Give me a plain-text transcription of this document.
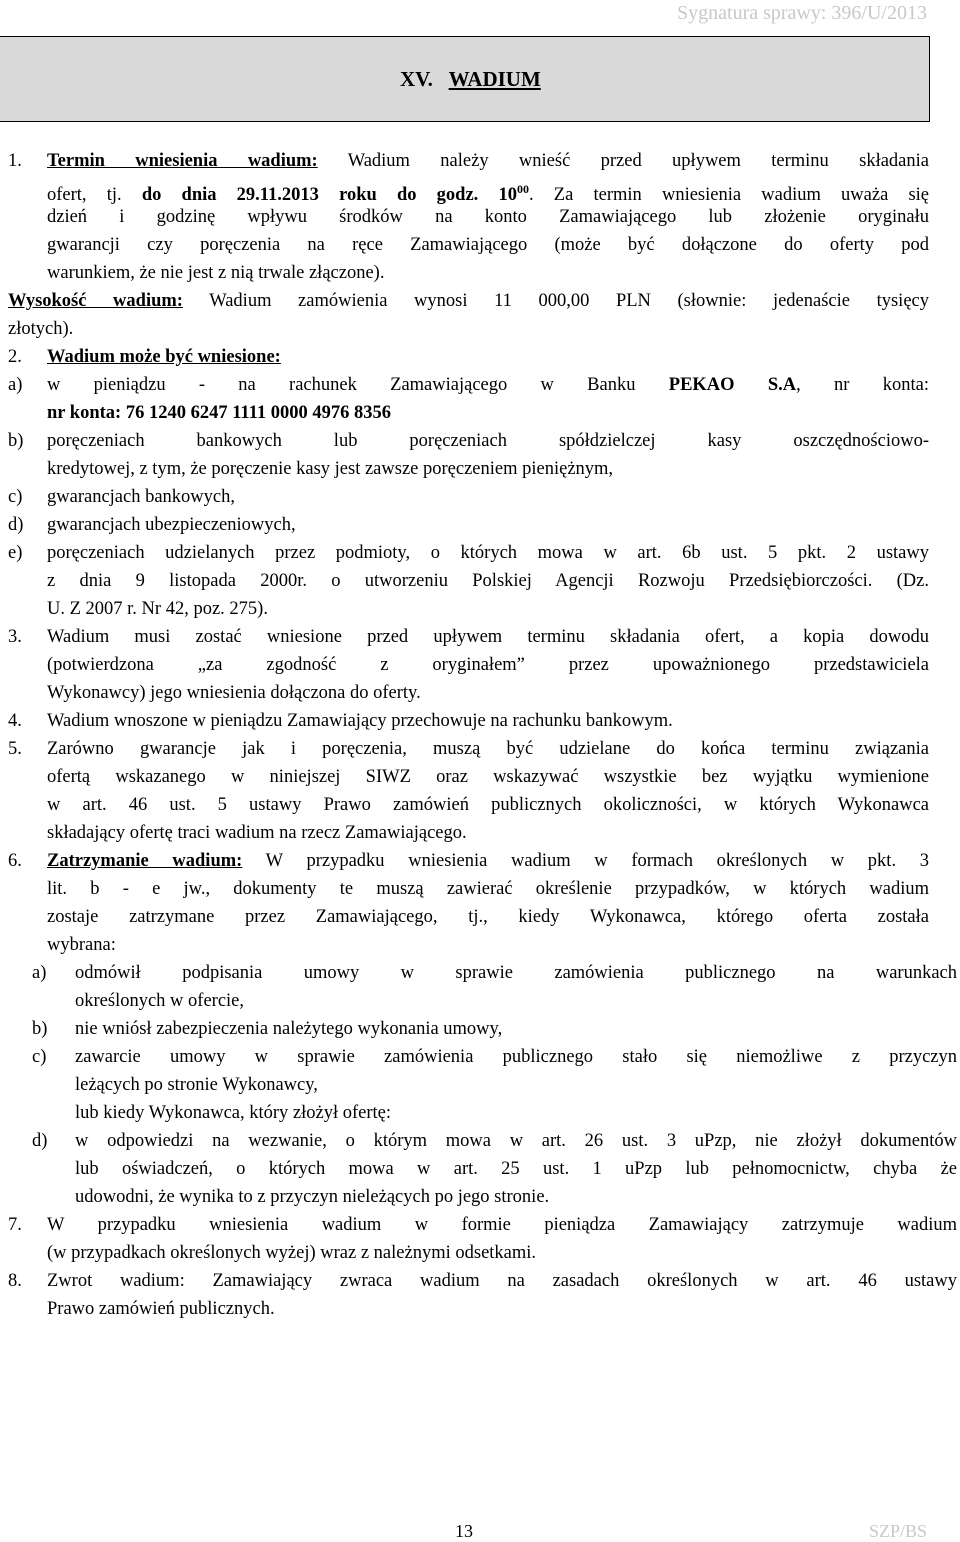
Sygnatura sprawy: 396/U/2013
XV. WADIUM
1. Termin wniesienia wadium: Wadium należy wnieść przed upływem terminu składania
ofert, tj. do dnia 29.11.2013 roku do godz. $10^{00}$. Za termin wniesienia wadium uważa się
dzień i godzinę wpływu środków na konto Zamawiającego lub złożenie oryginału
gwarancji czy poręczenia na ręce Zamawiającego (może być dołączone do oferty pod
warunkiem, że nie jest z nią trwale złączone).
Wysokość wadium: Wadium zamówienia wynosi 11 000,00 PLN (słownie: jedenaście tysięcy
złotych).
2. Wadium może być wniesione:
a) w pieniądzu - na rachunek Zamawiającego w Banku PEKAO S.A, nr konta:
nr konta: 76 1240 6247 1111 0000 4976 8356
b) poręczeniach bankowych lub poręczeniach spółdzielczej kasy oszczędnościowo-
kredytowej, z tym, że poręczenie kasy jest zawsze poręczeniem pieniężnym,
c) gwarancjach bankowych,
d) gwarancjach ubezpieczeniowych,
e) poręczeniach udzielanych przez podmioty, o których mowa w art. 6b ust. 5 pkt. 2 ustawy
z dnia 9 listopada 2000r. o utworzeniu Polskiej Agencji Rozwoju Przedsiębiorczości. (Dz.
U. Z 2007 r. Nr 42, poz. 275).
3. Wadium musi zostać wniesione przed upływem terminu składania ofert, a kopia dowodu
(potwierdzona „za zgodność z oryginałem” przez upoważnionego przedstawiciela
Wykonawcy) jego wniesienia dołączona do oferty.
4. Wadium wnoszone w pieniądzu Zamawiający przechowuje na rachunku bankowym.
5. Zarówno gwarancje jak i poręczenia, muszą być udzielane do końca terminu związania
ofertą wskazanego w niniejszej SIWZ oraz wskazywać wszystkie bez wyjątku wymienione
w art. 46 ust. 5 ustawy Prawo zamówień publicznych okoliczności, w których Wykonawca
składający ofertę traci wadium na rzecz Zamawiającego.
6. Zatrzymanie wadium: W przypadku wniesienia wadium w formach określonych w pkt. 3
lit. b - e jw., dokumenty te muszą zawierać określenie przypadków, w których wadium
zostaje zatrzymane przez Zamawiającego, tj., kiedy Wykonawca, którego oferta została
wybrana:
a) odmówił podpisania umowy w sprawie zamówienia publicznego na warunkach
określonych w ofercie,
b) nie wniósł zabezpieczenia należytego wykonania umowy,
c) zawarcie umowy w sprawie zamówienia publicznego stało się niemożliwe z przyczyn
leżących po stronie Wykonawcy,
lub kiedy Wykonawca, który złożył ofertę:
d) w odpowiedzi na wezwanie, o którym mowa w art. 26 ust. 3 uPzp, nie złożył dokumentów
lub oświadczeń, o których mowa w art. 25 ust. 1 uPzp lub pełnomocnictw, chyba że
udowodni, że wynika to z przyczyn nieleżących po jego stronie.
7. W przypadku wniesienia wadium w formie pieniądza Zamawiający zatrzymuje wadium
(w przypadkach określonych wyżej) wraz z należnymi odsetkami.
8. Zwrot wadium: Zamawiający zwraca wadium na zasadach określonych w art. 46 ustawy
Prawo zamówień publicznych.
13	SZP/BS
